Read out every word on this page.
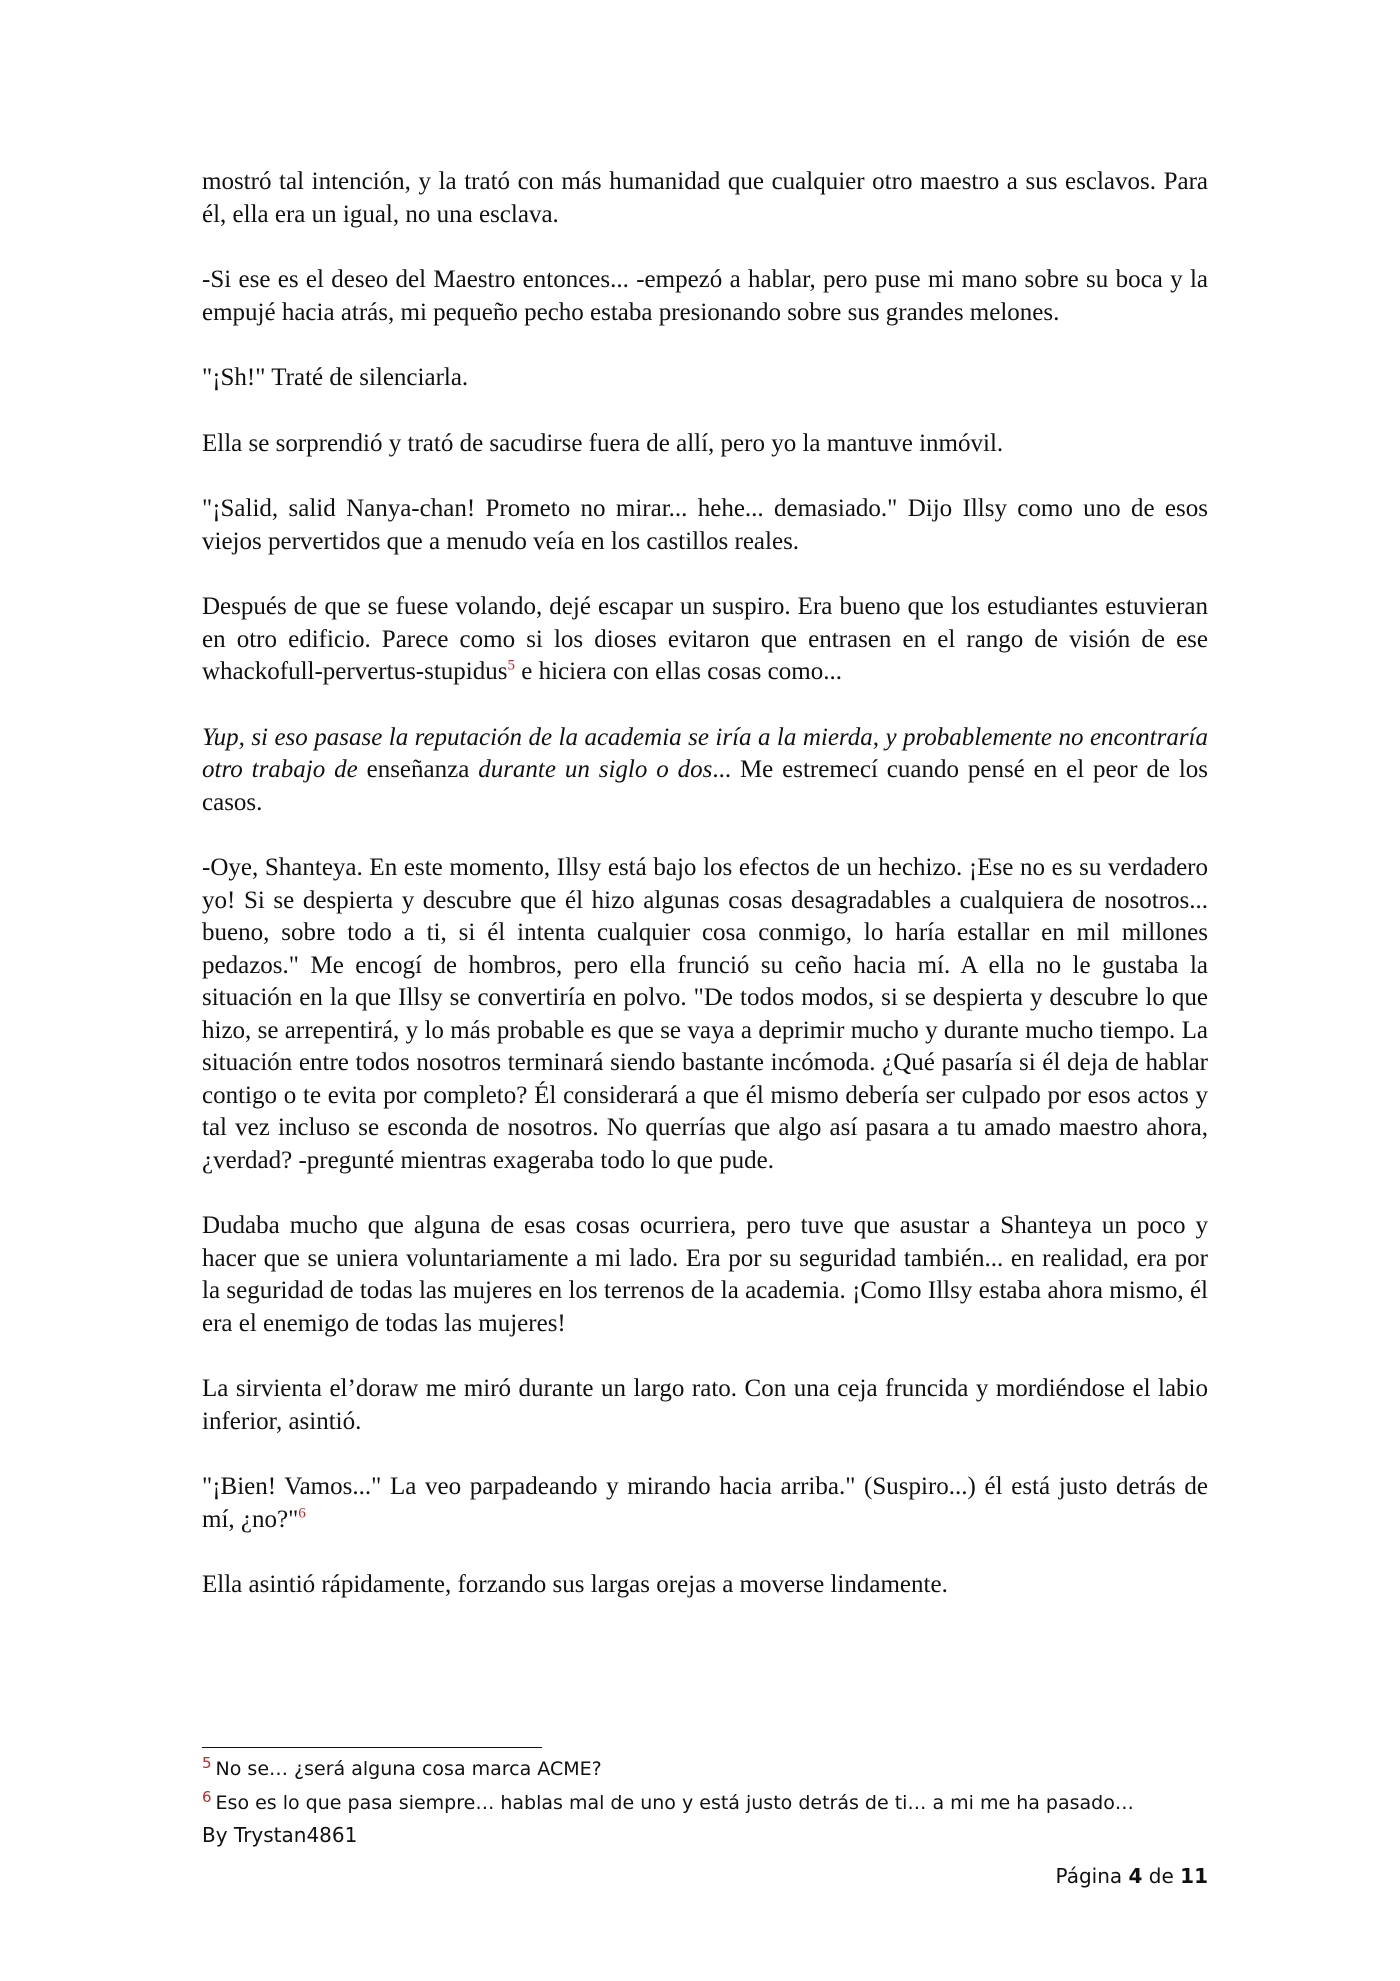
mostró tal intención, y la trató con más humanidad que cualquier otro maestro a sus esclavos. Para él, ella era un igual, no una esclava.

-Si ese es el deseo del Maestro entonces... -empezó a hablar, pero puse mi mano sobre su boca y la empujé hacia atrás, mi pequeño pecho estaba presionando sobre sus grandes melones.

"¡Sh!" Traté de silenciarla.

Ella se sorprendió y trató de sacudirse fuera de allí, pero yo la mantuve inmóvil.

"¡Salid, salid Nanya-chan! Prometo no mirar... hehe... demasiado." Dijo Illsy como uno de esos viejos pervertidos que a menudo veía en los castillos reales.

Después de que se fuese volando, dejé escapar un suspiro. Era bueno que los estudiantes estuvieran en otro edificio. Parece como si los dioses evitaron que entrasen en el rango de visión de ese whackofull-pervertus-stupidus$^5$ e hiciera con ellas cosas como...

Yup, si eso pasase la reputación de la academia se iría a la mierda, y probablemente no encontraría otro trabajo de enseñanza durante un siglo o dos... Me estremecí cuando pensé en el peor de los casos.

-Oye, Shanteya. En este momento, Illsy está bajo los efectos de un hechizo. ¡Ese no es su verdadero yo! Si se despierta y descubre que él hizo algunas cosas desagradables a cualquiera de nosotros... bueno, sobre todo a ti, si él intenta cualquier cosa conmigo, lo haría estallar en mil millones pedazos." Me encogí de hombros, pero ella frunció su ceño hacia mí. A ella no le gustaba la situación en la que Illsy se convertiría en polvo. "De todos modos, si se despierta y descubre lo que hizo, se arrepentirá, y lo más probable es que se vaya a deprimir mucho y durante mucho tiempo. La situación entre todos nosotros terminará siendo bastante incómoda. ¿Qué pasaría si él deja de hablar contigo o te evita por completo? Él considerará a que él mismo debería ser culpado por esos actos y tal vez incluso se esconda de nosotros. No querrías que algo así pasara a tu amado maestro ahora, ¿verdad? -pregunté mientras exageraba todo lo que pude.

Dudaba mucho que alguna de esas cosas ocurriera, pero tuve que asustar a Shanteya un poco y hacer que se uniera voluntariamente a mi lado. Era por su seguridad también... en realidad, era por la seguridad de todas las mujeres en los terrenos de la academia. ¡Como Illsy estaba ahora mismo, él era el enemigo de todas las mujeres!

La sirvienta el’doraw me miró durante un largo rato. Con una ceja fruncida y mordiéndose el labio inferior, asintió.

"¡Bien! Vamos..." La veo parpadeando y mirando hacia arriba." (Suspiro...) él está justo detrás de mí, ¿no?"$^6$

Ella asintió rápidamente, forzando sus largas orejas a moverse lindamente.

$^5$ No se… ¿será alguna cosa marca ACME?

$^6$ Eso es lo que pasa siempre… hablas mal de uno y está justo detrás de ti… a mi me ha pasado…

By Trystan4861
Página 4 de 11
